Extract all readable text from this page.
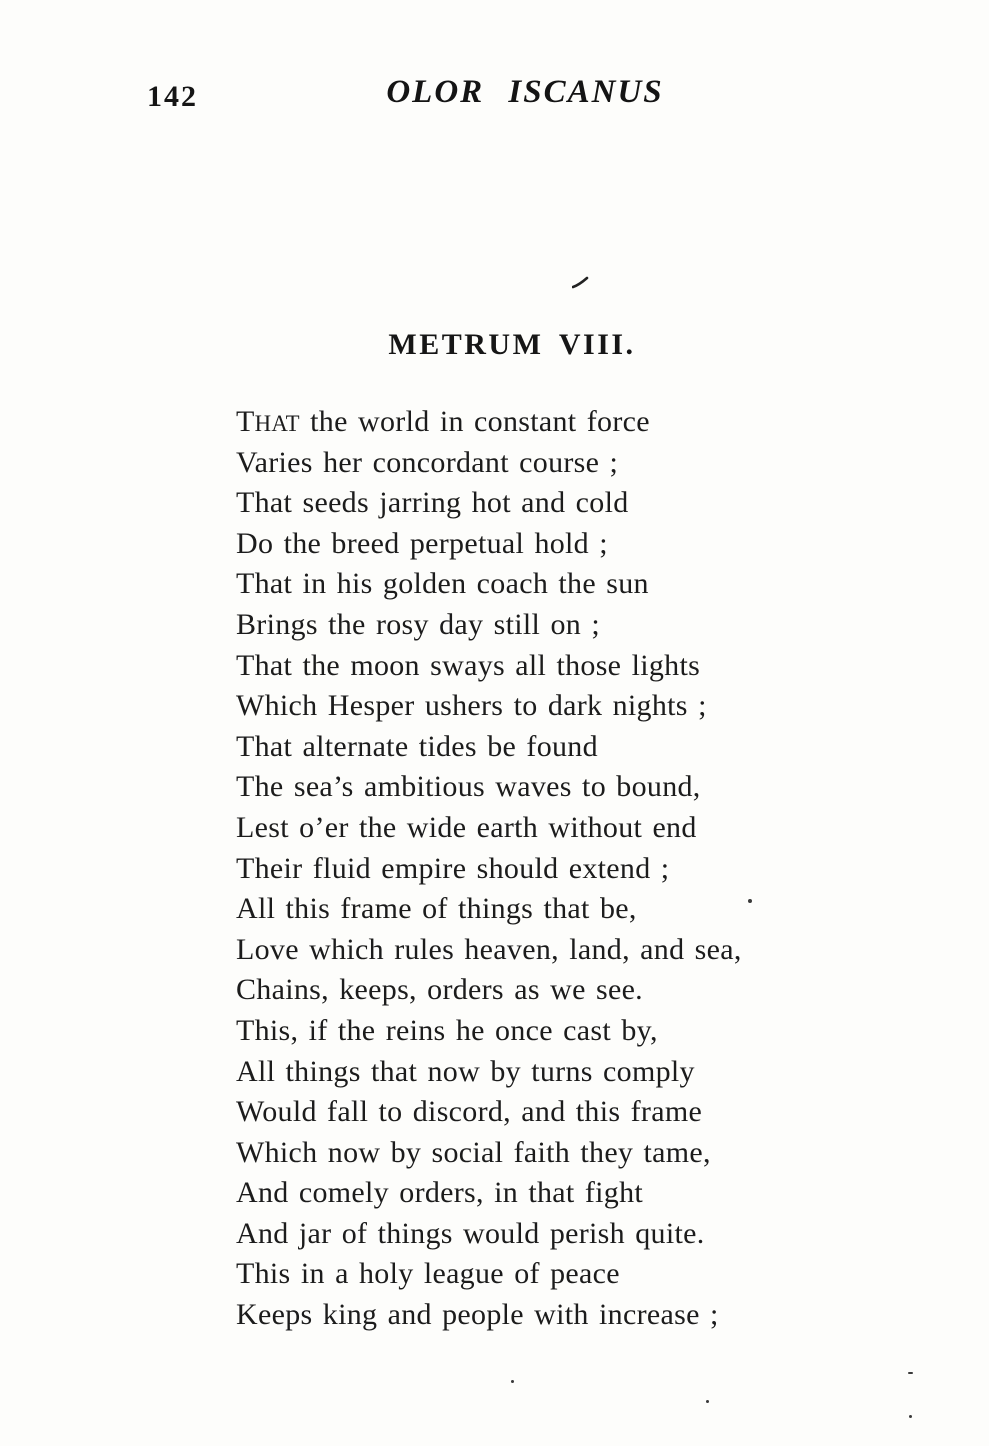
142	OLOR ISCANUS
METRUM VIII.
THAT the world in constant force
Varies her concordant course ;
That seeds jarring hot and cold
Do the breed perpetual hold ;
That in his golden coach the sun
Brings the rosy day still on ;
That the moon sways all those lights
Which Hesper ushers to dark nights ;
That alternate tides be found
The sea’s ambitious waves to bound,
Lest o’er the wide earth without end
Their fluid empire should extend ;
All this frame of things that be,
Love which rules heaven, land, and sea,
Chains, keeps, orders as we see.
This, if the reins he once cast by,
All things that now by turns comply
Would fall to discord, and this frame
Which now by social faith they tame,
And comely orders, in that fight
And jar of things would perish quite.
This in a holy league of peace
Keeps king and people with increase ;
